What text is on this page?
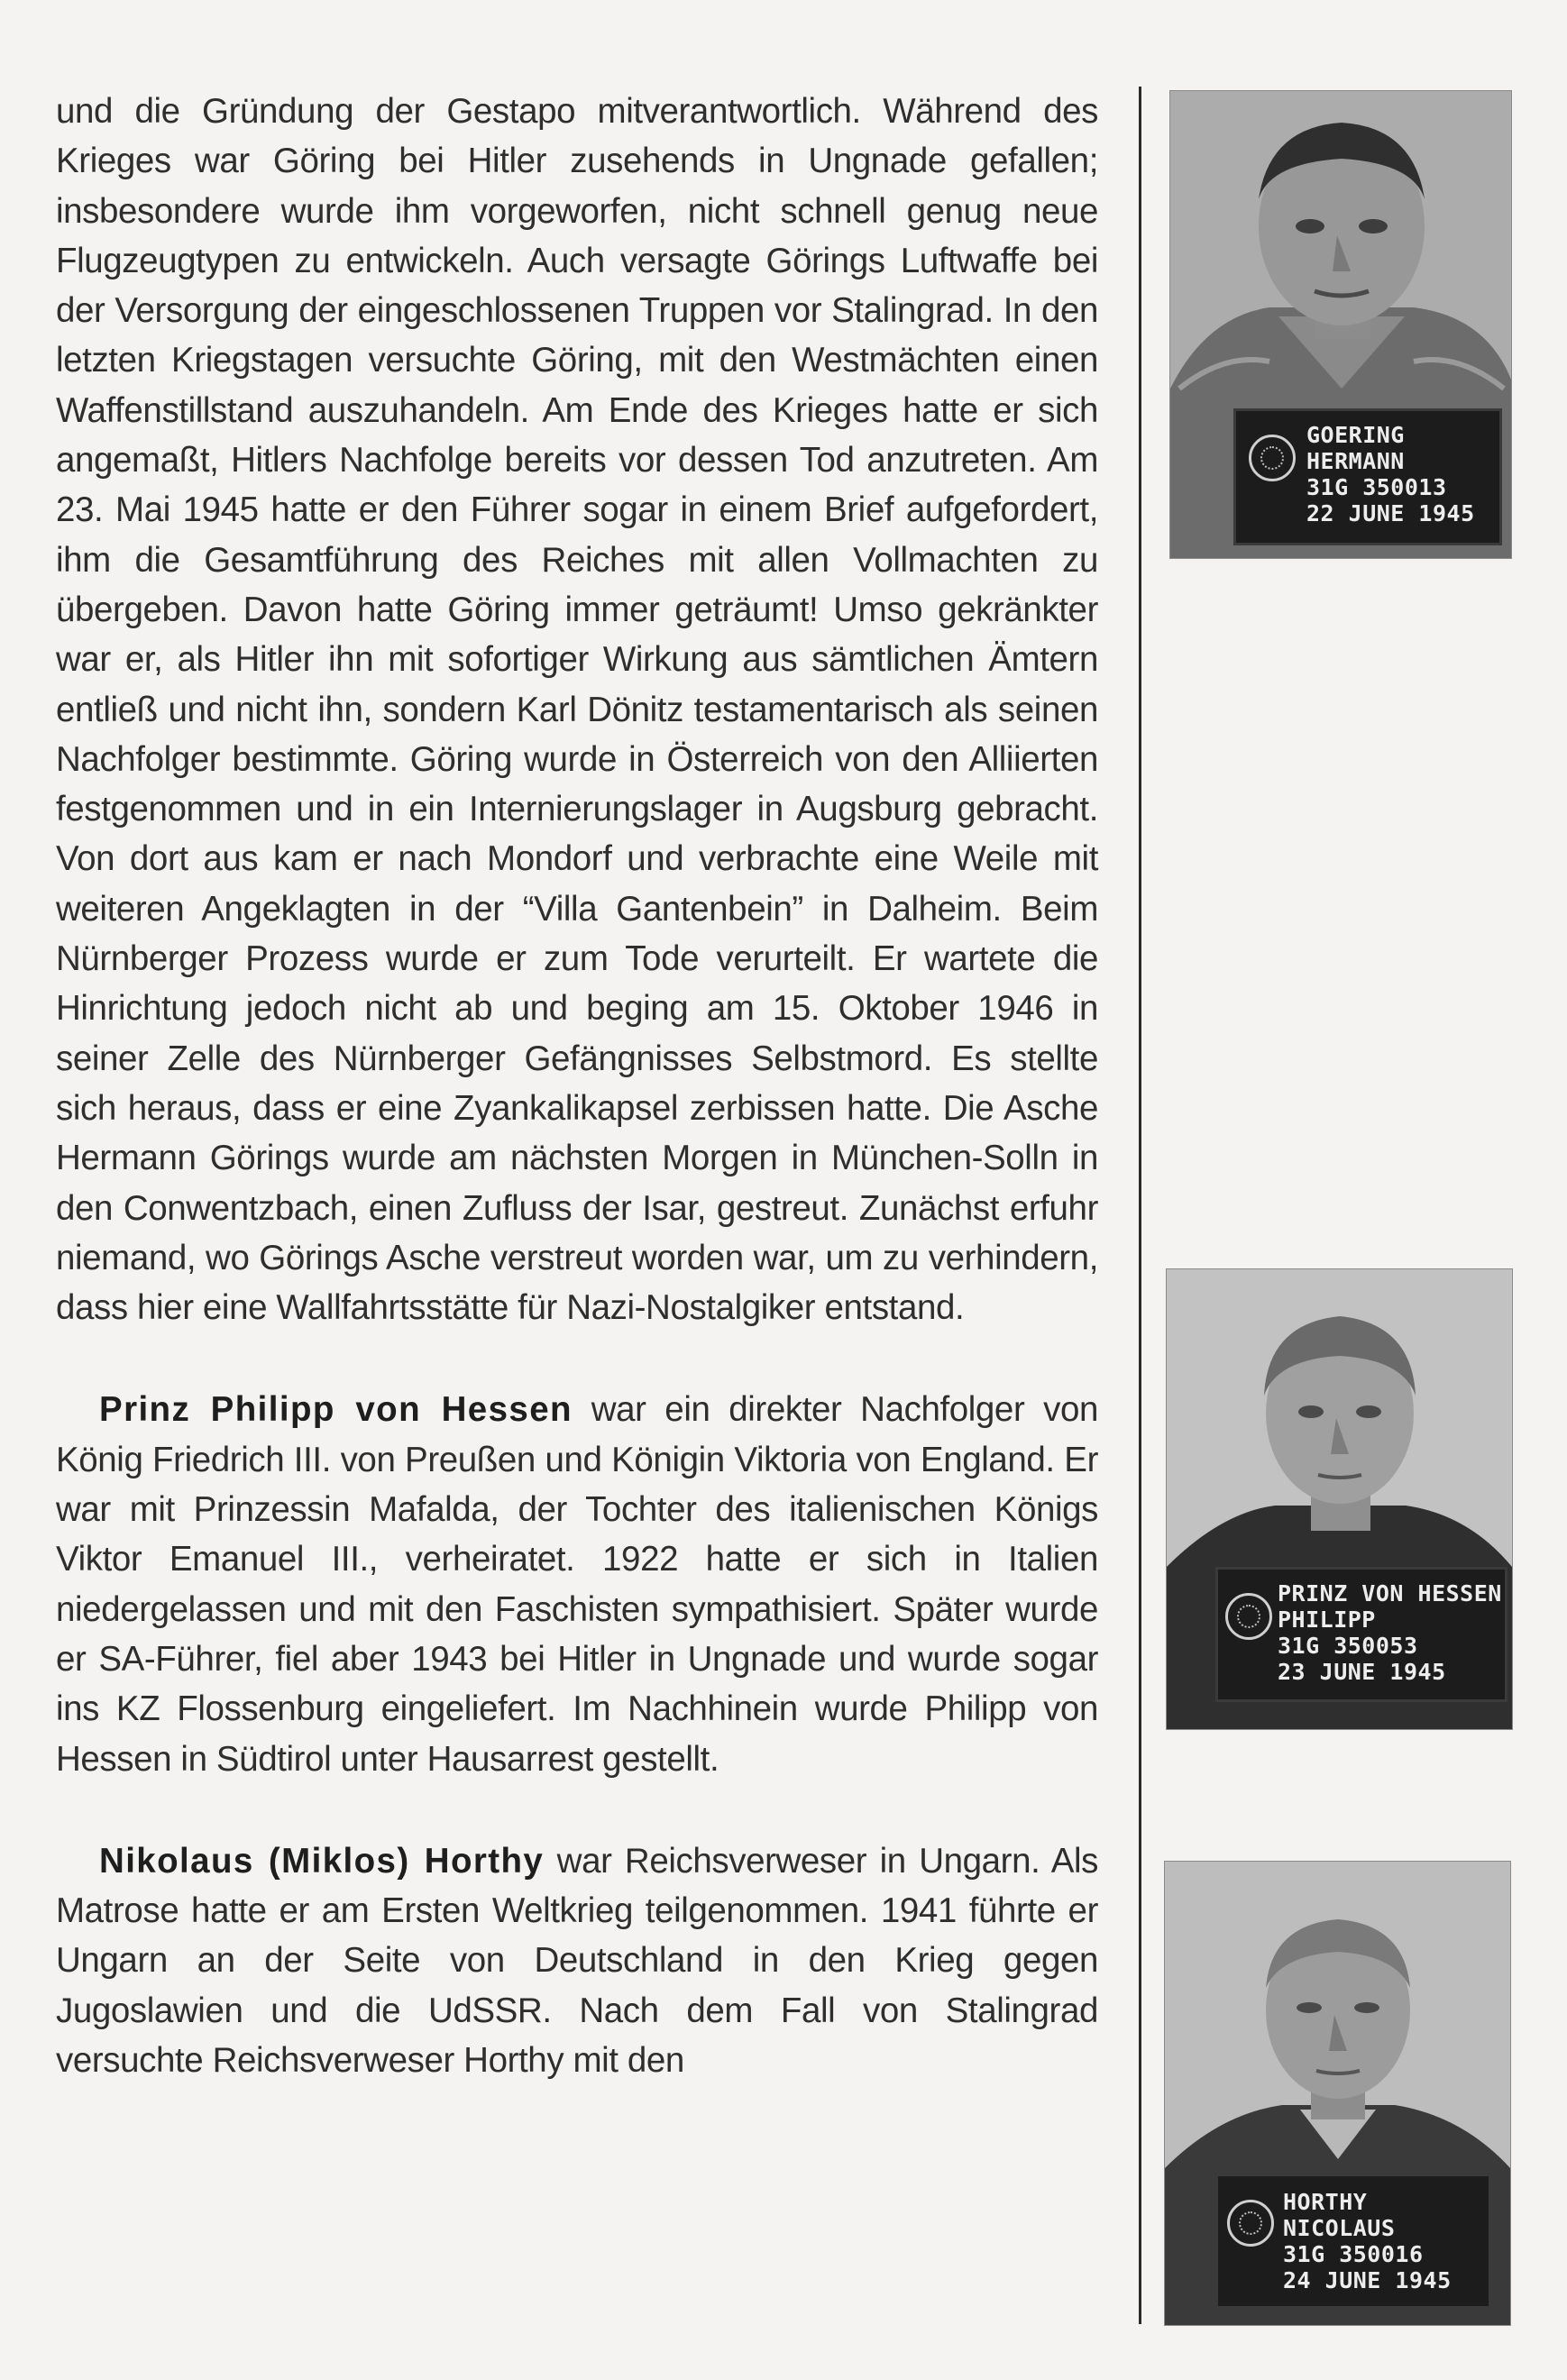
und die Gründung der Gestapo mitverantwortlich. Während des Krieges war Göring bei Hitler zusehends in Ungnade gefallen; insbesondere wurde ihm vorgeworfen, nicht schnell genug neue Flugzeugtypen zu entwickeln. Auch versagte Görings Luftwaffe bei der Versorgung der eingeschlossenen Truppen vor Stalingrad. In den letzten Kriegstagen versuchte Göring, mit den Westmächten einen Waffenstillstand auszuhandeln. Am Ende des Krieges hatte er sich angemaßt, Hitlers Nachfolge bereits vor dessen Tod anzutreten. Am 23. Mai 1945 hatte er den Führer sogar in einem Brief aufgefordert, ihm die Gesamtführung des Reiches mit allen Vollmachten zu übergeben. Davon hatte Göring immer geträumt! Umso gekränkter war er, als Hitler ihn mit sofortiger Wirkung aus sämtlichen Ämtern entließ und nicht ihn, sondern Karl Dönitz testamentarisch als seinen Nachfolger bestimmte. Göring wurde in Österreich von den Alliierten festgenommen und in ein Internierungslager in Augsburg gebracht. Von dort aus kam er nach Mondorf und verbrachte eine Weile mit weiteren Angeklagten in der “Villa Gantenbein” in Dalheim. Beim Nürnberger Prozess wurde er zum Tode verurteilt. Er wartete die Hinrichtung jedoch nicht ab und beging am 15. Oktober 1946 in seiner Zelle des Nürnberger Gefängnisses Selbstmord. Es stellte sich heraus, dass er eine Zyankalikapsel zerbissen hatte. Die Asche Hermann Görings wurde am nächsten Morgen in München-Solln in den Conwentzbach, einen Zufluss der Isar, gestreut. Zunächst erfuhr niemand, wo Görings Asche verstreut worden war, um zu verhindern, dass hier eine Wallfahrtsstätte für Nazi-Nostalgiker entstand.

Prinz Philipp von Hessen war ein direkter Nachfolger von König Friedrich III. von Preußen und Königin Viktoria von England. Er war mit Prinzessin Mafalda, der Tochter des italienischen Königs Viktor Emanuel III., verheiratet. 1922 hatte er sich in Italien niedergelassen und mit den Faschisten sympathisiert. Später wurde er SA-Führer, fiel aber 1943 bei Hitler in Ungnade und wurde sogar ins KZ Flossenburg eingeliefert. Im Nachhinein wurde Philipp von Hessen in Südtirol unter Hausarrest gestellt.

Nikolaus (Miklos) Horthy war Reichsverweser in Ungarn. Als Matrose hatte er am Ersten Weltkrieg teilgenommen. 1941 führte er Ungarn an der Seite von Deutschland in den Krieg gegen Jugoslawien und die UdSSR. Nach dem Fall von Stalingrad versuchte Reichsverweser Horthy mit den

GOERING
HERMANN
31G 350013
22 JUNE 1945
PRINZ VON HESSEN
PHILIPP
31G 350053
23 JUNE 1945
HORTHY
NICOLAUS
31G 350016
24 JUNE 1945
